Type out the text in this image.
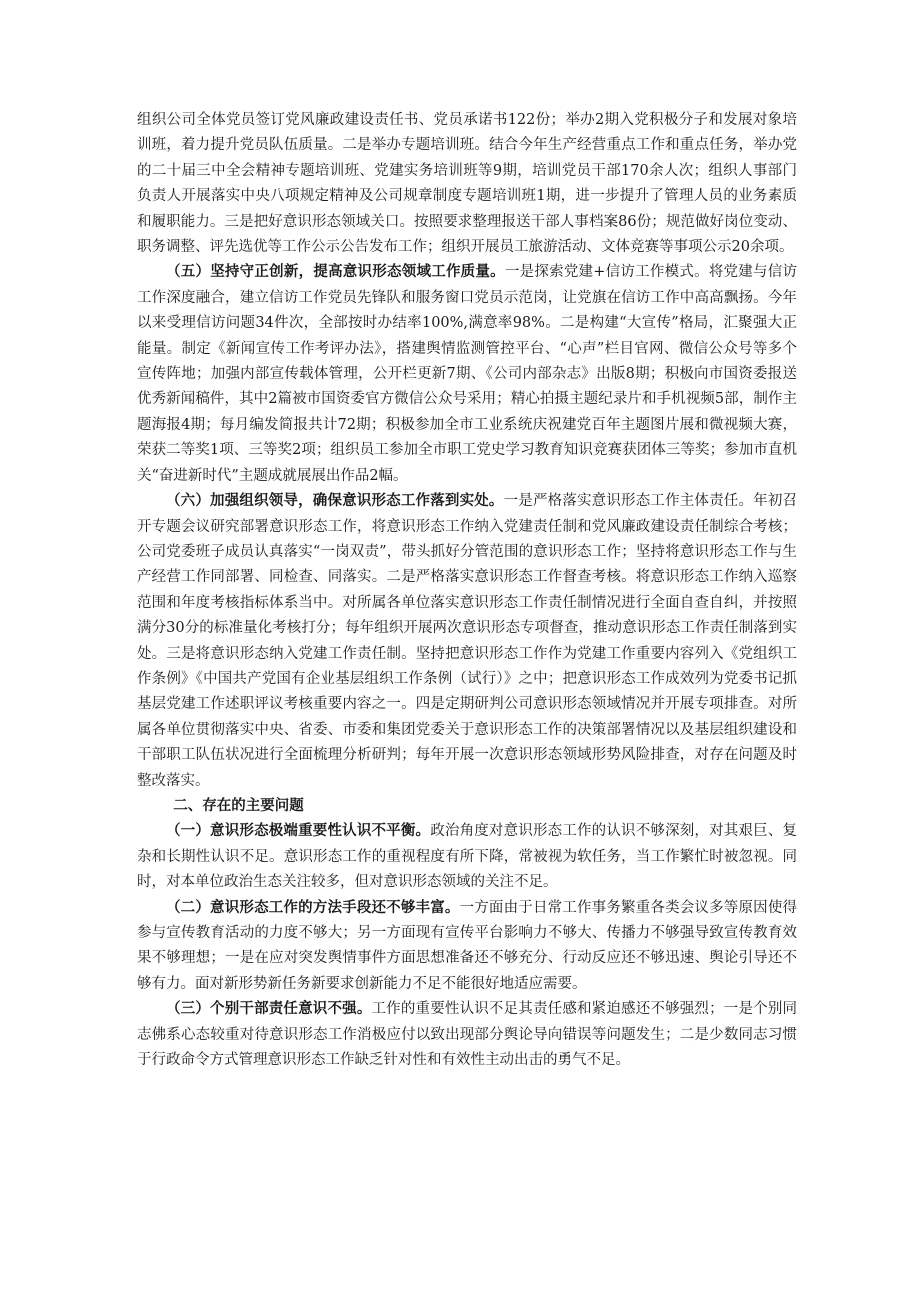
组织公司全体党员签订党风廉政建设责任书、党员承诺书122份；举办2期入党积极分子和发展对象培训班，着力提升党员队伍质量。二是举办专题培训班。结合今年生产经营重点工作和重点任务，举办党的二十届三中全会精神专题培训班、党建实务培训班等9期，培训党员干部170余人次；组织人事部门负责人开展落实中央八项规定精神及公司规章制度专题培训班1期，进一步提升了管理人员的业务素质和履职能力。三是把好意识形态领域关口。按照要求整理报送干部人事档案86份；规范做好岗位变动、职务调整、评先选优等工作公示公告发布工作；组织开展员工旅游活动、文体竞赛等事项公示20余项。

（五）坚持守正创新，提高意识形态领域工作质量。一是探索党建+信访工作模式。将党建与信访工作深度融合，建立信访工作党员先锋队和服务窗口党员示范岗，让党旗在信访工作中高高飘扬。今年以来受理信访问题34件次，全部按时办结率100%,满意率98%。二是构建“大宣传”格局，汇聚强大正能量。制定《新闻宣传工作考评办法》，搭建舆情监测管控平台、“心声”栏目官网、微信公众号等多个宣传阵地；加强内部宣传载体管理，公开栏更新7期、《公司内部杂志》出版8期；积极向市国资委报送优秀新闻稿件，其中2篇被市国资委官方微信公众号采用；精心拍摄主题纪录片和手机视频5部，制作主题海报4期；每月编发简报共计72期；积极参加全市工业系统庆祝建党百年主题图片展和微视频大赛，荣获二等奖1项、三等奖2项；组织员工参加全市职工党史学习教育知识竞赛获团体三等奖；参加市直机关“奋进新时代”主题成就展展出作品2幅。

（六）加强组织领导，确保意识形态工作落到实处。一是严格落实意识形态工作主体责任。年初召开专题会议研究部署意识形态工作，将意识形态工作纳入党建责任制和党风廉政建设责任制综合考核；公司党委班子成员认真落实“一岗双责”，带头抓好分管范围的意识形态工作；坚持将意识形态工作与生产经营工作同部署、同检查、同落实。二是严格落实意识形态工作督查考核。将意识形态工作纳入巡察范围和年度考核指标体系当中。对所属各单位落实意识形态工作责任制情况进行全面自查自纠，并按照满分30分的标准量化考核打分；每年组织开展两次意识形态专项督查，推动意识形态工作责任制落到实处。三是将意识形态纳入党建工作责任制。坚持把意识形态工作作为党建工作重要内容列入《党组织工作条例》《中国共产党国有企业基层组织工作条例（试行）》之中；把意识形态工作成效列为党委书记抓基层党建工作述职评议考核重要内容之一。四是定期研判公司意识形态领域情况并开展专项排查。对所属各单位贯彻落实中央、省委、市委和集团党委关于意识形态工作的决策部署情况以及基层组织建设和干部职工队伍状况进行全面梳理分析研判；每年开展一次意识形态领域形势风险排查，对存在问题及时整改落实。

二、存在的主要问题

（一）意识形态极端重要性认识不平衡。政治角度对意识形态工作的认识不够深刻，对其艰巨、复杂和长期性认识不足。意识形态工作的重视程度有所下降，常被视为软任务，当工作繁忙时被忽视。同时，对本单位政治生态关注较多，但对意识形态领域的关注不足。

（二）意识形态工作的方法手段还不够丰富。一方面由于日常工作事务繁重各类会议多等原因使得参与宣传教育活动的力度不够大；另一方面现有宣传平台影响力不够大、传播力不够强导致宣传教育效果不够理想；一是在应对突发舆情事件方面思想准备还不够充分、行动反应还不够迅速、舆论引导还不够有力。面对新形势新任务新要求创新能力不足不能很好地适应需要。

（三）个别干部责任意识不强。工作的重要性认识不足其责任感和紧迫感还不够强烈；一是个别同志佛系心态较重对待意识形态工作消极应付以致出现部分舆论导向错误等问题发生；二是少数同志习惯于行政命令方式管理意识形态工作缺乏针对性和有效性主动出击的勇气不足。
